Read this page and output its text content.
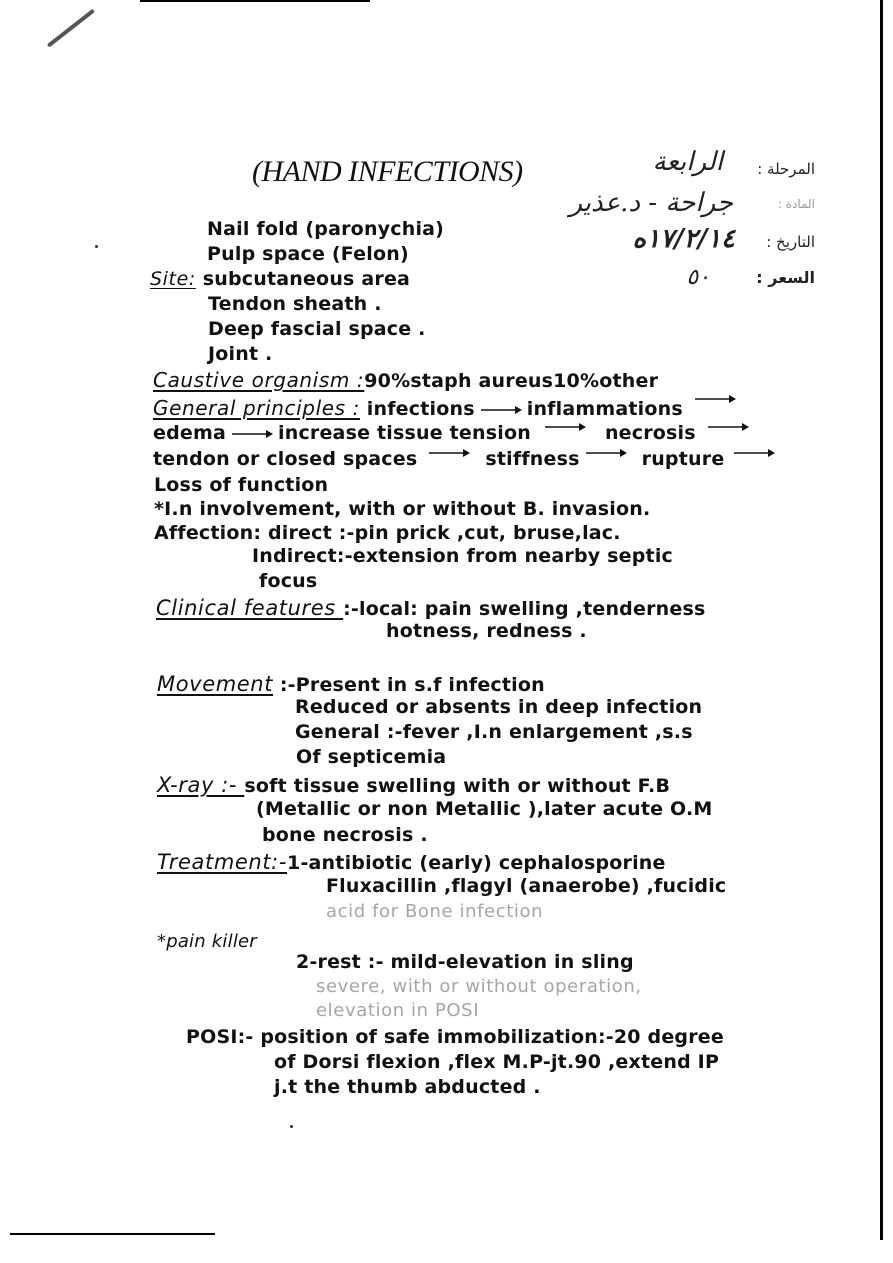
المرحلة :
الرابعة
المادة :
جراحة - د.عذير
التاريخ :
١٧/٢/١٤ه
السعر :
٥٠
(HAND INFECTIONS)
Nail fold (paronychia)
Pulp space (Felon)
Site: subcutaneous area
Tendon sheath .
Deep fascial space .
Joint .
Caustive organism :90%staph aureus10%other
General principles : infections	inflammations
edema	increase tissue tension	necrosis
tendon or closed spaces	stiffness	rupture
Loss of function
*I.n involvement, with or without B. invasion.
Affection: direct :-pin prick ,cut, bruse,lac.
Indirect:-extension from nearby septic
focus
Clinical features :-local: pain swelling ,tenderness
hotness, redness .
Movement :-Present in s.f infection
Reduced or absents in deep infection
General :-fever ,I.n enlargement ,s.s
Of septicemia
X-ray :- soft tissue swelling with or without F.B
(Metallic or non Metallic ),later acute O.M
bone necrosis .
Treatment:-1-antibiotic (early) cephalosporine
Fluxacillin ,flagyl (anaerobe) ,fucidic
acid for Bone infection
*pain killer
2-rest :- mild-elevation in sling
severe, with or without operation,
elevation in POSI
POSI:- position of safe immobilization:-20 degree
of Dorsi flexion ,flex M.P-jt.90 ,extend IP
j.t the thumb abducted .
